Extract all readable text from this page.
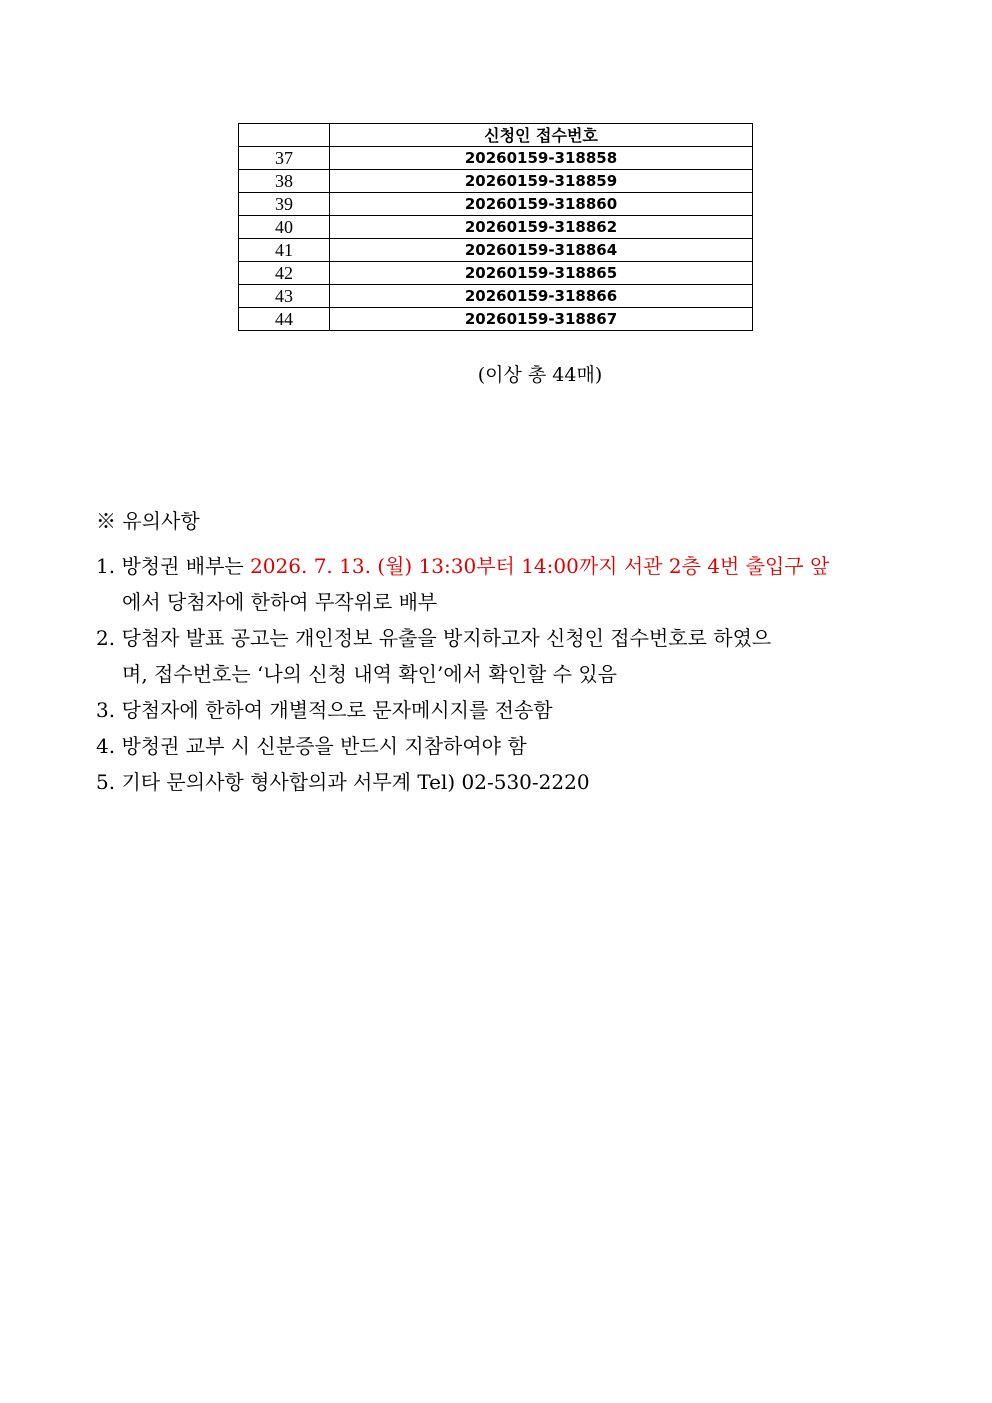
	신청인 접수번호
37	20260159-318858
38	20260159-318859
39	20260159-318860
40	20260159-318862
41	20260159-318864
42	20260159-318865
43	20260159-318866
44	20260159-318867
(이상 총 44매)
※ 유의사항
1. 방청권 배부는 2026. 7. 13. (월) 13:30부터 14:00까지 서관 2층 4번 출입구 앞
에서 당첨자에 한하여 무작위로 배부
2. 당첨자 발표 공고는 개인정보 유출을 방지하고자 신청인 접수번호로 하였으
며, 접수번호는 ‘나의 신청 내역 확인’에서 확인할 수 있음
3. 당첨자에 한하여 개별적으로 문자메시지를 전송함
4. 방청권 교부 시 신분증을 반드시 지참하여야 함
5. 기타 문의사항 형사합의과 서무계 Tel) 02-530-2220
